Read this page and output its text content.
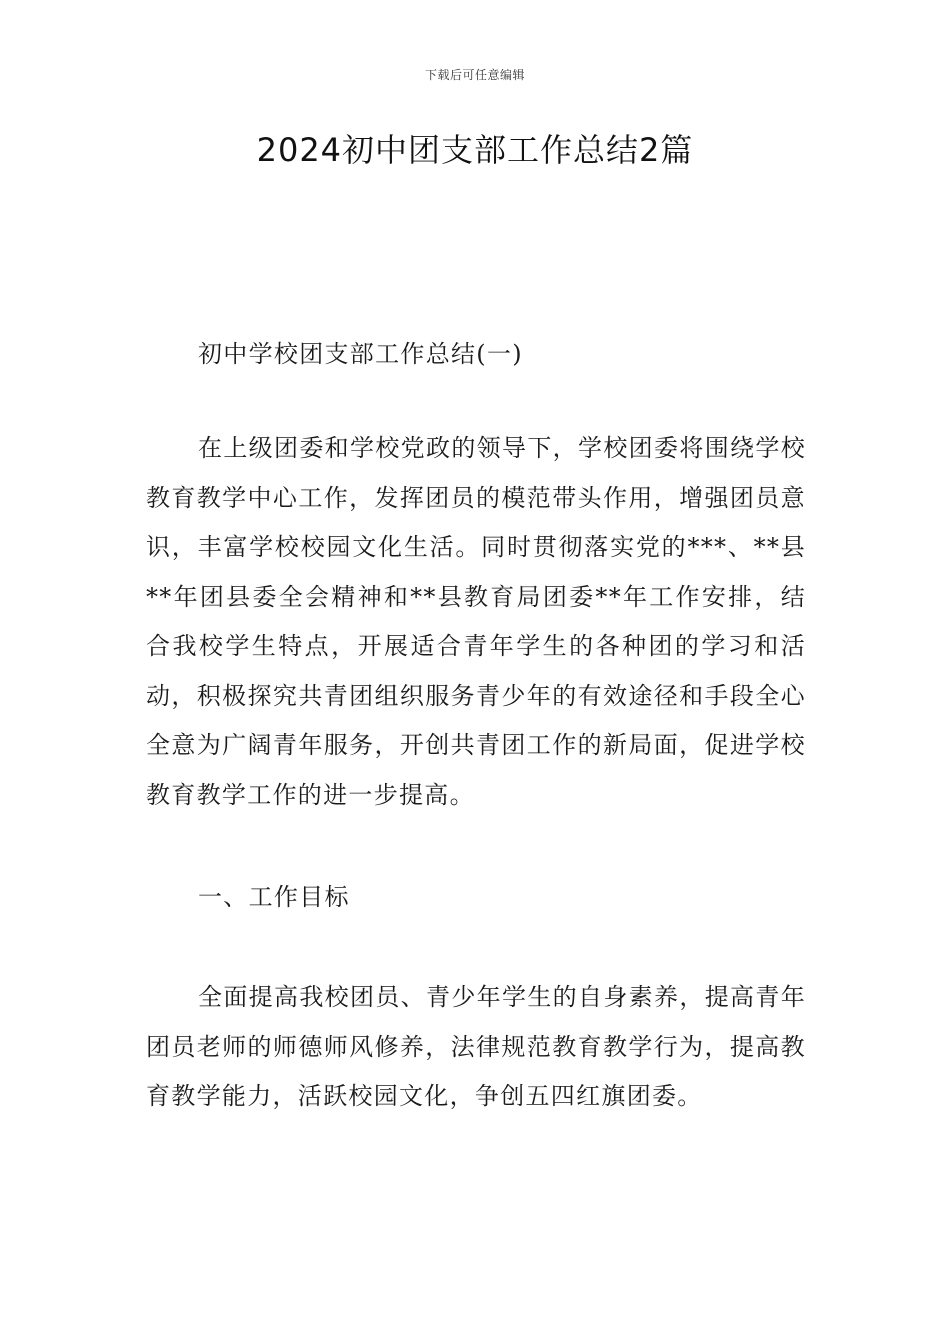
下载后可任意编辑
2024初中团支部工作总结2篇

初中学校团支部工作总结(一)

在上级团委和学校党政的领导下，学校团委将围绕学校教育教学中心工作，发挥团员的模范带头作用，增强团员意识，丰富学校校园文化生活。同时贯彻落实党的***、**县**年团县委全会精神和**县教育局团委**年工作安排，结合我校学生特点，开展适合青年学生的各种团的学习和活动，积极探究共青团组织服务青少年的有效途径和手段全心全意为广阔青年服务，开创共青团工作的新局面，促进学校教育教学工作的进一步提高。

一、工作目标

全面提高我校团员、青少年学生的自身素养，提高青年团员老师的师德师风修养，法律规范教育教学行为，提高教育教学能力，活跃校园文化，争创五四红旗团委。
